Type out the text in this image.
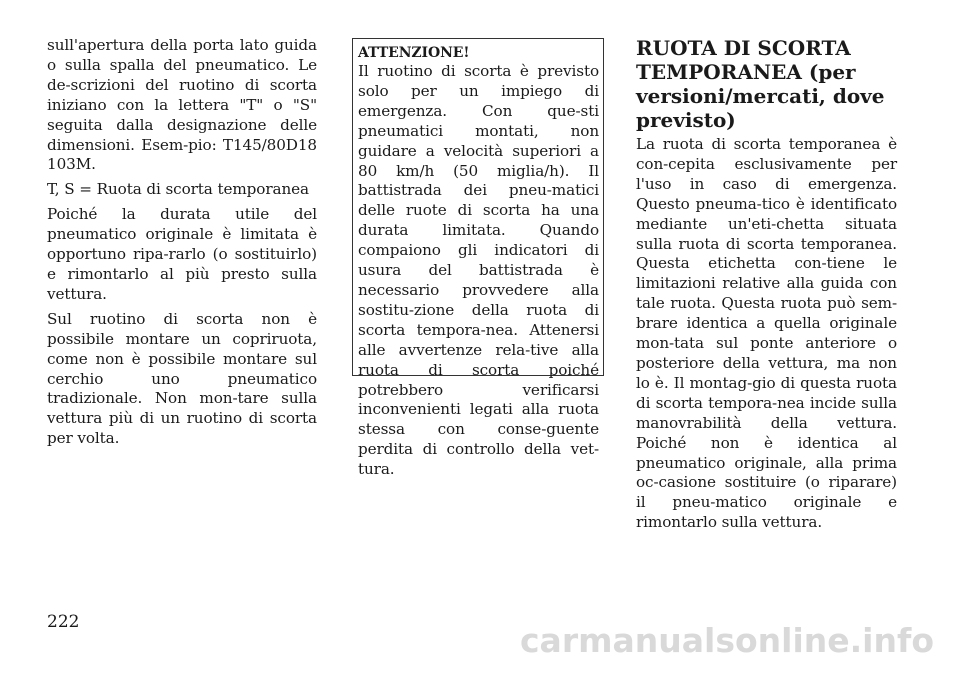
sull'apertura della porta lato guida o sulla spalla del pneumatico. Le de-scrizioni del ruotino di scorta iniziano con la lettera "T" o "S" seguita dalla designazione delle dimensioni. Esem-pio: T145/80D18 103M.

T, S = Ruota di scorta temporanea

Poiché la durata utile del pneumatico originale è limitata è opportuno ripa-rarlo (o sostituirlo) e rimontarlo al più presto sulla vettura.

Sul ruotino di scorta non è possibile montare un copriruota, come non è possibile montare sul cerchio uno pneumatico tradizionale. Non mon-tare sulla vettura più di un ruotino di scorta per volta.

ATTENZIONE!

Il ruotino di scorta è previsto solo per un impiego di emergenza. Con que-sti pneumatici montati, non guidare a velocità superiori a 80 km/h (50 miglia/h). Il battistrada dei pneu-matici delle ruote di scorta ha una durata limitata. Quando compaiono gli indicatori di usura del battistrada è necessario provvedere alla sostitu-zione della ruota di scorta tempora-nea. Attenersi alle avvertenze rela-tive alla ruota di scorta poiché potrebbero verificarsi inconvenienti legati alla ruota stessa con conse-guente perdita di controllo della vet-tura.

RUOTA DI SCORTA TEMPORANEA (per versioni/mercati, dove previsto)

La ruota di scorta temporanea è con-cepita esclusivamente per l'uso in caso di emergenza. Questo pneuma-tico è identificato mediante un'eti-chetta situata sulla ruota di scorta temporanea. Questa etichetta con-tiene le limitazioni relative alla guida con tale ruota. Questa ruota può sem-brare identica a quella originale mon-tata sul ponte anteriore o posteriore della vettura, ma non lo è. Il montag-gio di questa ruota di scorta tempora-nea incide sulla manovrabilità della vettura. Poiché non è identica al pneumatico originale, alla prima oc-casione sostituire (o riparare) il pneu-matico originale e rimontarlo sulla vettura.

222	carmanualsonline.info
